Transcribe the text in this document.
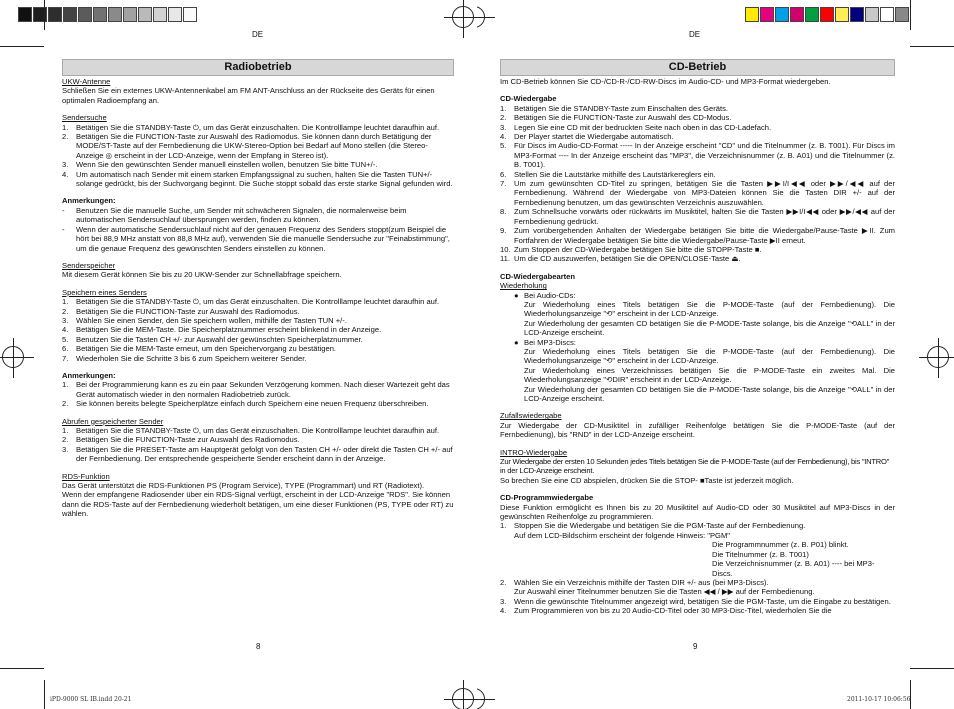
DE
Radiobetrieb

UKW-Antenne

Schließen Sie ein externes UKW-Antennenkabel am FM ANT-Anschluss an der Rückseite des Geräts für einen optimalen Radioempfang an.

Sendersuche

1.	Betätigen Sie die STANDBY-Taste ⏻, um das Gerät einzuschalten. Die Kontrolllampe leuchtet daraufhin auf.
2.	Betätigen Sie die FUNCTION-Taste zur Auswahl des Radiomodus. Sie können dann durch Betätigung der MODE/ST-Taste auf der Fernbedienung die UKW-Stereo-Option bei Bedarf auf Mono stellen (die Stereo-Anzeige ◎ erscheint in der LCD-Anzeige, wenn der Empfang in Stereo ist).
3.	Wenn Sie den gewünschten Sender manuell einstellen wollen, benutzen Sie bitte TUN+/-.
4.	Um automatisch nach Sender mit einem starken Empfangssignal zu suchen, halten Sie die Tasten TUN+/- solange gedrückt, bis der Suchvorgang beginnt. Die Suche stoppt sobald das erste starke Signal gefunden wird.

Anmerkungen:

-	Benutzen Sie die manuelle Suche, um Sender mit schwächeren Signalen, die normalerweise beim automatischen Sendersuchlauf übersprungen werden, finden zu können.
-	Wenn der automatische Sendersuchlauf nicht auf der genauen Frequenz des Senders stoppt(zum Beispiel die hört bei 88,9 MHz anstatt von 88,8 MHz auf), verwenden Sie die manuelle Sendersuche zur "Feinabstimmung", um die genaue Frequenz des gewünschten Senders einstellen zu können.

Senderspeicher

Mit diesem Gerät können Sie bis zu 20 UKW-Sender zur Schnellabfrage speichern.

Speichern eines Senders

1.	Betätigen Sie die STANDBY-Taste ⏻, um das Gerät einzuschalten. Die Kontrolllampe leuchtet daraufhin auf.
2.	Betätigen Sie die FUNCTION-Taste zur Auswahl des Radiomodus.
3.	Wählen Sie einen Sender, den Sie speichern wollen, mithilfe der Tasten TUN +/-.
4.	Betätigen Sie die MEM-Taste. Die Speicherplatznummer erscheint blinkend in der Anzeige.
5.	Benutzen Sie die Tasten CH +/- zur Auswahl der gewünschten Speicherplatznummer.
6.	Betätigen Sie die MEM-Taste erneut, um den Speichervorgang zu bestätigen.
7.	Wiederholen Sie die Schritte 3 bis 6 zum Speichern weiterer Sender.

Anmerkungen:

1.	Bei der Programmierung kann es zu ein paar Sekunden Verzögerung kommen. Nach dieser Wartezeit geht das Gerät automatisch wieder in den normalen Radiobetrieb zurück.
2.	Sie können bereits belegte Speicherplätze einfach durch Speichern eine neuen Frequenz überschreiben.

Abrufen gespeicherter Sender

1.	Betätigen Sie die STANDBY-Taste ⏻, um das Gerät einzuschalten. Die Kontrolllampe leuchtet daraufhin auf.
2.	Betätigen Sie die FUNCTION-Taste zur Auswahl des Radiomodus.
3.	Betätigen Sie die PRESET-Taste am Hauptgerät gefolgt von den Tasten CH +/- oder direkt die Tasten CH +/- auf der Fernbedienung. Der entsprechende gespeicherte Sender erscheint dann in der Anzeige.

RDS-Funktion

Das Gerät unterstützt die RDS-Funktionen PS (Program Service), TYPE (Programmart) und RT (Radiotext).

Wenn der empfangene Radiosender über ein RDS-Signal verfügt, erscheint in der LCD-Anzeige "RDS". Sie können dann die RDS-Taste auf der Fernbedienung wiederholt betätigen, um eine dieser Funktionen (PS, TYPE oder RT) zu wählen.

8
iPD-9000 SL IB.indd 20-21
DE
CD-Betrieb

Im CD-Betrieb können Sie CD-/CD-R-/CD-RW-Discs im Audio-CD- und MP3-Format wiedergeben.

CD-Wiedergabe

1.	Betätigen Sie die STANDBY-Taste zum Einschalten des Geräts.
2.	Betätigen Sie die FUNCTION-Taste zur Auswahl des CD-Modus.
3.	Legen Sie eine CD mit der bedruckten Seite nach oben in das CD-Ladefach.
4.	Der Player startet die Wiedergabe automatisch.
5.	Für Discs im Audio-CD-Format ----- In der Anzeige erscheint "CD" und die Titelnummer (z. B. T001). Für Discs im MP3-Format ---- In der Anzeige erscheint das "MP3", die Verzeichnisnummer (z. B. A01) und die Titelnummer (z. B. T001).
6.	Stellen Sie die Lautstärke mithilfe des Lautstärkereglers ein.
7.	Um zum gewünschten CD-Titel zu springen, betätigen Sie die Tasten ▶▶I/I◀◀ oder ▶▶/◀◀ auf der Fernbedienung. Während der Wiedergabe von MP3-Dateien können Sie die Tasten DIR +/- auf der Fernbedienung benutzen, um das gewünschten Verzeichnis auszuwählen.
8.	Zum Schnellsuche vorwärts oder rückwärts im Musiktitel, halten Sie die Tasten ▶▶I/I◀◀ oder ▶▶/◀◀ auf der Fernbedienung gedrückt.
9.	Zum vorübergehenden Anhalten der Wiedergabe betätigen Sie bitte die Wiedergabe/Pause-Taste ▶II. Zum Fortfahren der Wiedergabe betätigen Sie bitte die Wiedergabe/Pause-Taste ▶II erneut.
10. Zum Stoppen der CD-Wiedergabe betätigen Sie bitte die STOPP-Taste ■.
11. Um die CD auszuwerfen, betätigen Sie die OPEN/CLOSE-Taste ⏏.

CD-Wiedergabearten

Wiederholung

● Bei Audio-CDs:

Zur Wiederholung eines Titels betätigen Sie die P-MODE-Taste (auf der Fernbedienung). Die Wiederholungsanzeige "⟲" erscheint in der LCD-Anzeige.

Zur Wiederholung der gesamten CD betätigen Sie die P-MODE-Taste solange, bis die Anzeige "⟲ALL" in der LCD-Anzeige erscheint.

● Bei MP3-Discs:

Zur Wiederholung eines Titels betätigen Sie die P-MODE-Taste (auf der Fernbedienung). Die Wiederholungsanzeige "⟲" erscheint in der LCD-Anzeige.

Zur Wiederholung eines Verzeichnisses betätigen Sie die P-MODE-Taste ein zweites Mal. Die Wiederholungsanzeige "⟲DIR" erscheint in der LCD-Anzeige.

Zur Wiederholung der gesamten CD betätigen Sie die P-MODE-Taste solange, bis die Anzeige "⟲ALL" in der LCD-Anzeige erscheint.

Zufallswiedergabe

Zur Wiedergabe der CD-Musiktitel in zufälliger Reihenfolge betätigen Sie die P-MODE-Taste (auf der Fernbedienung), bis "RND" in der LCD-Anzeige erscheint.

INTRO-Wiedergabe

Zur Wiedergabe der ersten 10 Sekunden jedes Titels betätigen Sie die P-MODE-Taste (auf der Fernbedienung), bis "INTRO" in der LCD-Anzeige erscheint.

So brechen Sie eine CD abspielen, drücken Sie die STOP- ■Taste ist jederzeit möglich.

CD-Programmwiedergabe

Diese Funktion ermöglicht es Ihnen bis zu 20 Musiktitel auf Audio-CD oder 30 Musiktitel auf MP3-Discs in der gewünschten Reihenfolge zu programmieren.

1.	Stoppen Sie die Wiedergabe und betätigen Sie die PGM-Taste auf der Fernbedienung.

Auf dem LCD-Bildschirm erscheint der folgende Hinweis: "PGM"

Die Programmnummer (z. B. P01) blinkt.

Die Titelnummer (z. B. T001)

Die Verzeichnisnummer (z. B. A01) ---- bei MP3-Discs.

2.	Wählen Sie ein Verzeichnis mithilfe der Tasten DIR +/- aus (bei MP3-Discs).

Zur Auswahl einer Titelnummer benutzen Sie die Tasten ◀◀ / ▶▶ auf der Fernbedienung.

3.	Wenn die gewünschte Titelnummer angezeigt wird, betätigen Sie die PGM-Taste, um die Eingabe zu bestätigen.
4.	Zum Programmieren von bis zu 20 Audio-CD-Titel oder 30 MP3-Disc-Titel, wiederholen Sie die
9
2011-10-17 10:06:56
